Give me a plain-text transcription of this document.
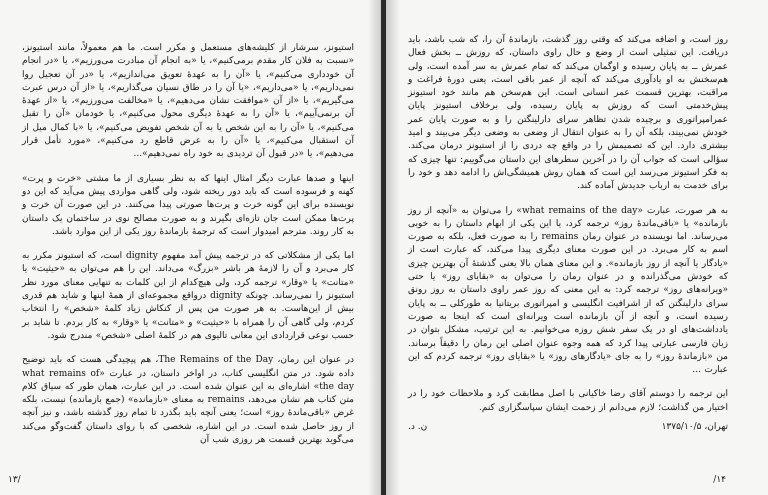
استیونز، سرشار از کلیشه‌های مستعمل و مکرر است. ما هم معمولاً، مانند استیونز، «نسبت به فلان کار مقدم برمی‌کنیم»، یا «به انجام آن مبادرت می‌ورزیم»، یا «در انجام آن خودداری می‌کنیم»، یا «آن را به عهدهٔ تعویق می‌اندازیم»، یا «در آن تعجیل روا نمی‌داریم»، یا «می‌داریم»، «یا آن را در طاق نسیان می‌گذاریم»، یا «از آن درس عبرت می‌گیریم»، یا «از آن «موافقت نشان می‌دهیم»، یا «مخالفت می‌ورزیم»، یا «از عهدهٔ آن برنمی‌آییم»، یا «آن را به عهدهٔ دیگری محول می‌کنیم»، یا خودمان «آن را تقبل می‌کنیم»، یا «آن را به این شخص یا به آن شخص تفویض می‌کنیم»، یا «با کمال میل از آن استقبال می‌کنیم»، یا «آن را به عرض قاطع رد می‌کنیم»، «مورد تأمل قرار می‌دهیم»، یا «در قبول آن تردیدی به خود راه نمی‌دهیم»...

اینها و صدها عبارت دیگر امثال اینها که به نظر بسیاری از ما مشتی «خرت و پرت» کهنه و فرسوده است که باید دور ریخته شود، ولی گاهی مواردی پیش می‌آید که این دو نویسنده برای این گونه خرت و پرت‌ها صورتی پیدا می‌کنند. در این صورت آن خرت و پرت‌ها ممکن است جان تازه‌ای بگیرند و به صورت مصالح نوی در ساختمان یک داستان به کار روند. مترجم امیدوار است که ترجمهٔ بازماندهٔ روز یکی از این موارد باشد.

اما یکی از مشکلاتی که در ترجمه پیش آمد مفهوم dignity است، که استیونز مکرر به کار می‌برد و آن را لازمهٔ هر باشر «بزرگ» می‌داند. این را هم می‌توان به «حیثیت» یا «متانت» یا «وقار» ترجمه کرد، ولی هیچ‌کدام از این کلمات به تنهایی معنای مورد نظر استیونز را نمی‌رساند. چونکه dignity درواقع مجموعه‌ای از همهٔ اینها و شاید هم قدری بیش از این‌هاست. به هر صورت من پس از کنکاش زیاد کلمهٔ «شخص» را انتخاب کردم، ولی گاهی آن را همراه با «حیثیت» و «متانت» یا «وقار» به کار بردم. تا شاید بر حسب نوعی قراردادی این معانی تالیوی هم در کلمهٔ اصلی «شخص» مندرج شود.

در عنوان این رمان، The Remains of the Day، هم پیچیدگی هست که باید توضیح داده شود. در متن انگلیسی کتاب، در اواخر داستان، در عبارت «what remains of the day» اشاره‌ای به این عنوان شده است. در این عبارت، همان طور که سیاق کلام متن کتاب هم نشان می‌دهد، remains به معنای «بازمانده» (جمع بازمانده) نیست، بلکه غرض «باقی‌ماندهٔ روز» است؛ یعنی آنچه باید بگذرد تا تمام روز گذشته باشد، و نیز آنچه از روز حاصل شده است. در این اشاره، شخصی که با روای داستان گفت‌وگو می‌کند می‌گوید بهترین قسمت هر روزی شب آن

۱۳/

روز است، و اضافه می‌کند که وقتی روز گذشت، بازماندهٔ آن را، که شب باشد، باید دریافت. این تمثیلی است از وضع و حال راوی داستان، که روزش ــ بخش فعال عمرش ــ به پایان رسیده و اوگمان می‌کند که تمام عمرش به سر آمده است، ولی هم‌سخنش به او یادآوری می‌کند که آنچه از عمر باقی است، یعنی دورهٔ فراغت و مراقبت، بهترین قسمت عمر انسانی است. این هم‌سخن هم مانند خود استیونز پیش‌خدمتی است که روزش به پایان رسیده، ولی برخلاف استیونز پایان عمرامپراتوری و برچیده شدن تظاهر سرای دارلینگتن را و به صورت پایان عمر خودش نمی‌بیند، بلکه آن را به عنوان انتقال از وضعی به وضعی دیگر می‌بیند و امید بیشتری دارد. این که تصمیمش را در واقع چه دردی را از استیونز درمان می‌کند. سؤالی است که جواب آن را در آخرین سطرهای این داستان می‌گوییم: تنها چیزی که به فکر استیونز می‌رسد این است که همان روش همیشگی‌اش را ادامه دهد و خود را برای خدمت به ارباب جدیدش آماده کند.

به هر صورت، عبارت «what remains of the day» را می‌توان به «آنچه از روز بازمانده» یا «باقی‌ماندهٔ روز» ترجمه کرد، یا این یکی از ابهام داستان را به خوبی می‌رساند. اما نویسنده در عنوان رمان remains را به صورت فعل، بلکه به صورت اسم به کار می‌برد. در این صورت معنای دیگری پیدا می‌کند، که عبارت است از «یادگار یا آنچه از روز بازمانده». و این معنای همان بالا یعنی گذشتهٔ آن بهترین چیزی که خودش می‌گذرانده و در عنوان رمان را می‌توان به «بقایای روز» یا حتی «ویرانه‌های روز» ترجمه کرد: به این معنی که روز عمر راوی داستان به روز رونق سرای دارلینگتن که از اشرافیت انگلیسی و امپراتوری بریتانیا به طورکلی ــ به پایان رسیده است، و آنچه از آن بازمانده است ویرانه‌ای است که اینجا به صورت یادداشت‌های او در یک سفر شش روزه می‌خوانیم. به این ترتیب، مشکل بتوان در زبان فارسی عبارتی پیدا کرد که همه وجوه عنوان اصلی این رمان را دقیقاً برساند. من «بازماندهٔ روز» را به جای «یادگارهای روز» یا «بقایای روز» ترجمه کردم که این عبارت ...

این ترجمه را دوستم آقای رضا خاکیانی با اصل مطابقت کرد و ملاحظات خود را در اختیار من گذاشت؛ لازم می‌دانم از زحمت ایشان سپاسگزاری کنم.

تهران، ۱۳۷۵/۱۰/۵
ن. د.
/۱۴
